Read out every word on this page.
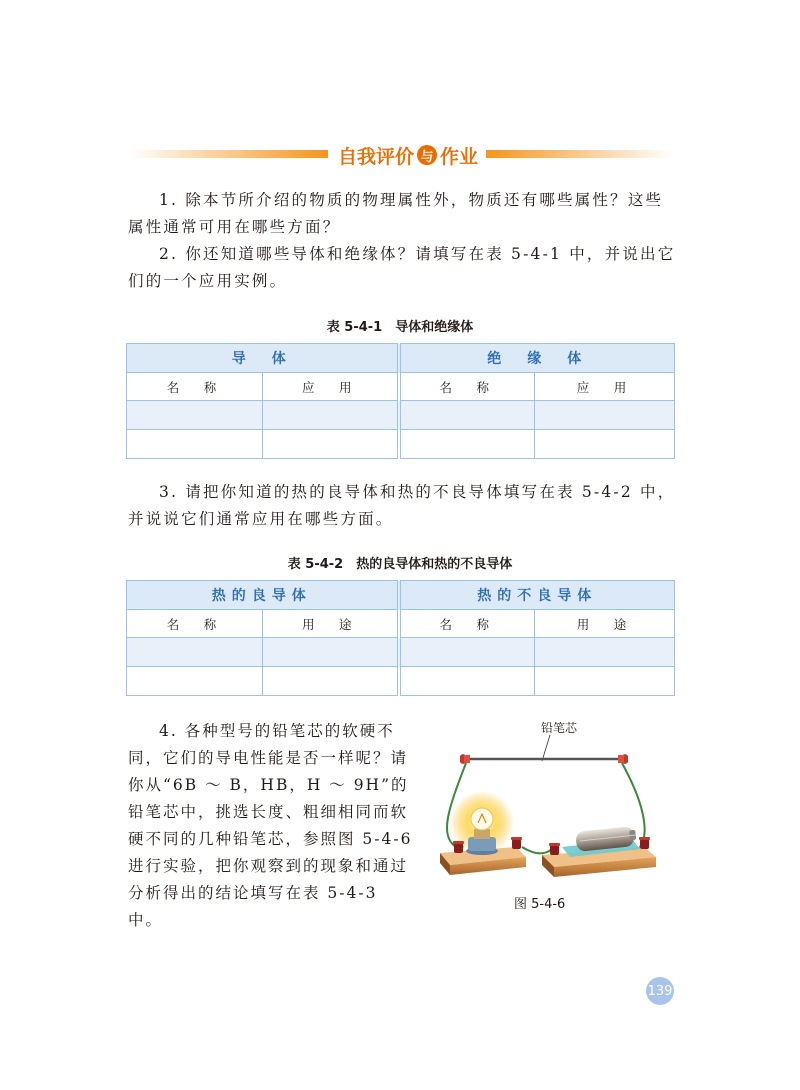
自我评价 与 作业

1. 除本节所介绍的物质的物理属性外，物质还有哪些属性？这些属性通常可用在哪些方面？

2. 你还知道哪些导体和绝缘体？请填写在表 5-4-1 中，并说出它们的一个应用实例。

表 5-4-1　导体和绝缘体
导　体		绝　缘　体	
名　称	应　用	名　称	应　用

3. 请把你知道的热的良导体和热的不良导体填写在表 5-4-2 中，并说说它们通常应用在哪些方面。

表 5-4-2　热的良导体和热的不良导体
热的良导体		热的不良导体	
名　称	用　途	名　称	用　途

4. 各种型号的铅笔芯的软硬不同，它们的导电性能是否一样呢？请你从“6B ～ B，HB，H ～ 9H”的铅笔芯中，挑选长度、粗细相同而软硬不同的几种铅笔芯，参照图 5-4-6 进行实验，把你观察到的现象和通过分析得出的结论填写在表 5-4-3 中。

铅笔芯
图 5-4-6
139
